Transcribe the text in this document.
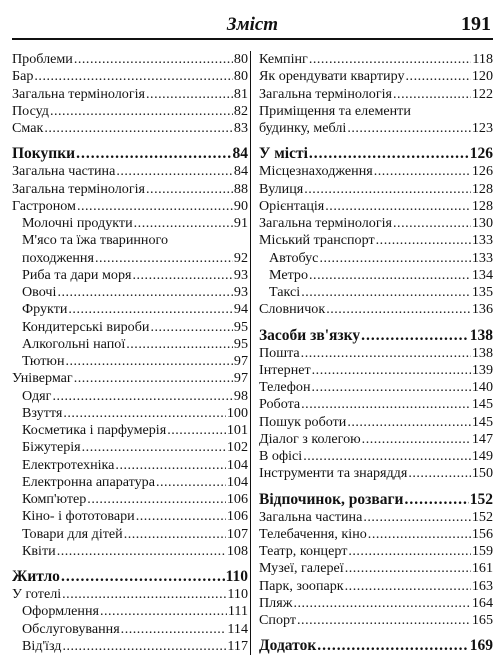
Зміст	191
Проблеми .....	80
Бар .....	80
Загальна термінологія .....	81
Посуд .....	82
Смак .....	83
Покупки .....	84
Загальна частина .....	84
Загальна термінологія .....	88
Гастроном .....	90
Молочні продукти .....	91
М'ясо та їжа тваринного
походження .....	92
Риба та дари моря .....	93
Овочі .....	93
Фрукти .....	94
Кондитерські вироби .....	95
Алкогольні напої .....	95
Тютюн .....	97
Універмаг .....	97
Одяг .....	98
Взуття .....	100
Косметика і парфумерія .....	101
Біжутерія .....	102
Електротехніка .....	104
Електронна апаратура .....	104
Комп'ютер .....	106
Кіно- і фототовари .....	106
Товари для дітей .....	107
Квіти .....	108
Житло .....	110
У готелі .....	110
Оформлення .....	111
Обслуговування .....	114
Від'їзд .....	117
Кемпінг .....	118
Як орендувати квартиру .....	120
Загальна термінологія .....	122
Приміщення та елементи
будинку, меблі .....	123
У місті .....	126
Місцезнаходження .....	126
Вулиця .....	128
Орієнтація .....	128
Загальна термінологія .....	130
Міський транспорт .....	133
Автобус .....	133
Метро .....	134
Таксі .....	135
Словничок .....	136
Засоби зв'язку .....	138
Пошта .....	138
Інтернет .....	139
Телефон .....	140
Робота .....	145
Пошук роботи .....	145
Діалог з колегою .....	147
В офісі .....	149
Інструменти та знаряддя .....	150
Відпочинок, розваги .....	152
Загальна частина .....	152
Телебачення, кіно .....	156
Театр, концерт .....	159
Музеї, галереї .....	161
Парк, зоопарк .....	163
Пляж .....	164
Спорт .....	165
Додаток .....	169
